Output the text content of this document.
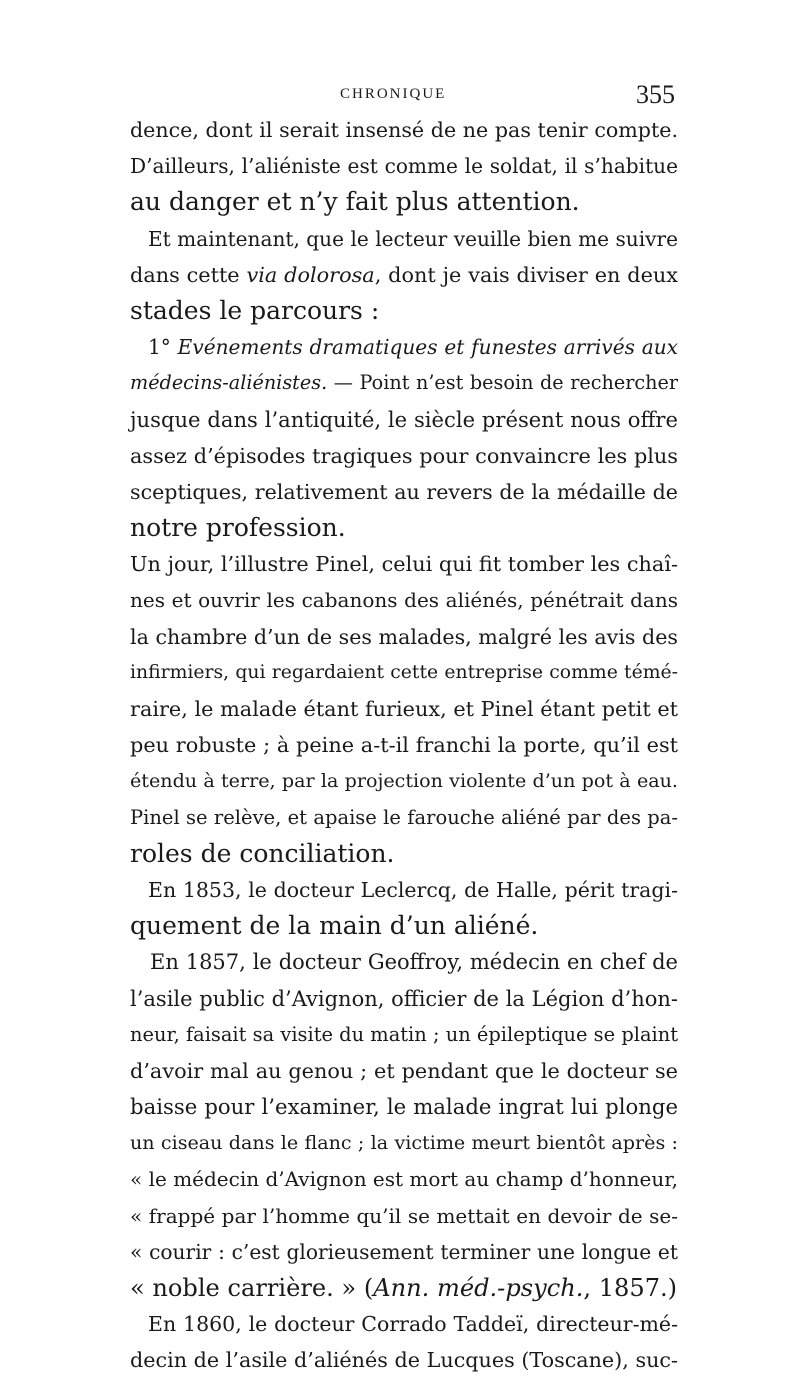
CHRONIQUE	355
dence, dont il serait insensé de ne pas tenir compte.
D’ailleurs, l’aliéniste est comme le soldat, il s’habitue
au danger et n’y fait plus attention.
Et maintenant, que le lecteur veuille bien me suivre
dans cette via dolorosa, dont je vais diviser en deux
stades le parcours :
1° Evénements dramatiques et funestes arrivés aux
médecins-aliénistes. — Point n’est besoin de rechercher
jusque dans l’antiquité, le siècle présent nous offre
assez d’épisodes tragiques pour convaincre les plus
sceptiques, relativement au revers de la médaille de
notre profession.
Un jour, l’illustre Pinel, celui qui fit tomber les chaî-
nes et ouvrir les cabanons des aliénés, pénétrait dans
la chambre d’un de ses malades, malgré les avis des
infirmiers, qui regardaient cette entreprise comme témé-
raire, le malade étant furieux, et Pinel étant petit et
peu robuste ; à peine a-t-il franchi la porte, qu’il est
étendu à terre, par la projection violente d’un pot à eau.
Pinel se relève, et apaise le farouche aliéné par des pa-
roles de conciliation.
En 1853, le docteur Leclercq, de Halle, périt tragi-
quement de la main d’un aliéné.
En 1857, le docteur Geoffroy, médecin en chef de
l’asile public d’Avignon, officier de la Légion d’hon-
neur, faisait sa visite du matin ; un épileptique se plaint
d’avoir mal au genou ; et pendant que le docteur se
baisse pour l’examiner, le malade ingrat lui plonge
un ciseau dans le flanc ; la victime meurt bientôt après :
« le médecin d’Avignon est mort au champ d’honneur,
« frappé par l’homme qu’il se mettait en devoir de se-
« courir : c’est glorieusement terminer une longue et
« noble carrière. » (Ann. méd.-psych., 1857.)
En 1860, le docteur Corrado Taddeï, directeur-mé-
decin de l’asile d’aliénés de Lucques (Toscane), suc-
